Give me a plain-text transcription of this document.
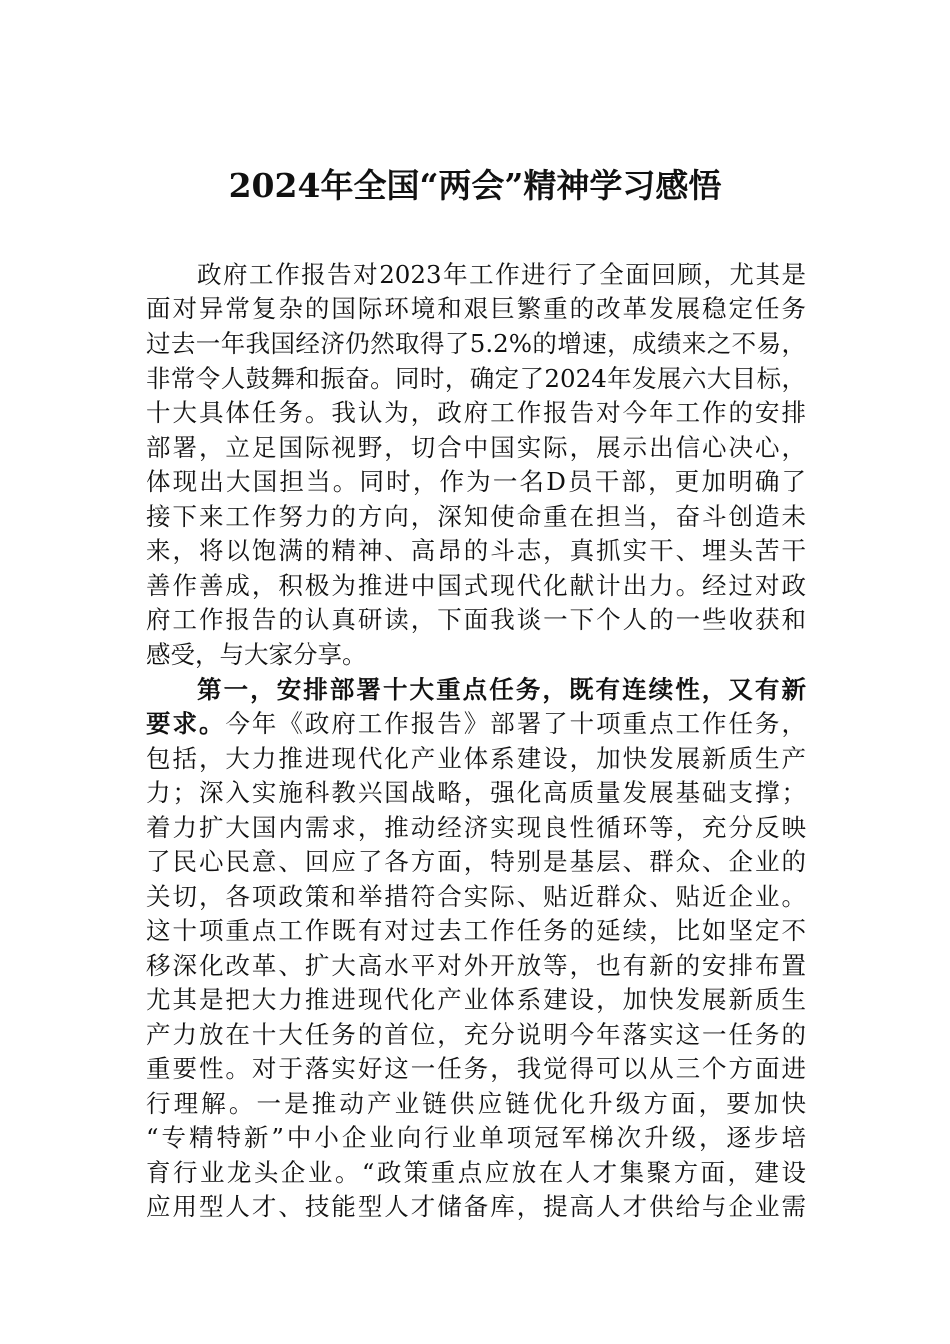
2024年全国“两会”精神学习感悟
政府工作报告对2023年工作进行了全面回顾，尤其是
面对异常复杂的国际环境和艰巨繁重的改革发展稳定任务
过去一年我国经济仍然取得了5.2%的增速，成绩来之不易，
非常令人鼓舞和振奋。同时，确定了2024年发展六大目标，
十大具体任务。我认为，政府工作报告对今年工作的安排
部署，立足国际视野，切合中国实际，展示出信心决心，
体现出大国担当。同时，作为一名D员干部，更加明确了
接下来工作努力的方向，深知使命重在担当，奋斗创造未
来，将以饱满的精神、高昂的斗志，真抓实干、埋头苦干
善作善成，积极为推进中国式现代化献计出力。经过对政
府工作报告的认真研读，下面我谈一下个人的一些收获和
感受，与大家分享。
第一，安排部署十大重点任务，既有连续性，又有新
要求。今年《政府工作报告》部署了十项重点工作任务，
包括，大力推进现代化产业体系建设，加快发展新质生产
力；深入实施科教兴国战略，强化高质量发展基础支撑；
着力扩大国内需求，推动经济实现良性循环等，充分反映
了民心民意、回应了各方面，特别是基层、群众、企业的
关切，各项政策和举措符合实际、贴近群众、贴近企业。
这十项重点工作既有对过去工作任务的延续，比如坚定不
移深化改革、扩大高水平对外开放等，也有新的安排布置
尤其是把大力推进现代化产业体系建设，加快发展新质生
产力放在十大任务的首位，充分说明今年落实这一任务的
重要性。对于落实好这一任务，我觉得可以从三个方面进
行理解。一是推动产业链供应链优化升级方面，要加快
“专精特新”中小企业向行业单项冠军梯次升级，逐步培
育行业龙头企业。“政策重点应放在人才集聚方面，建设
应用型人才、技能型人才储备库，提高人才供给与企业需
